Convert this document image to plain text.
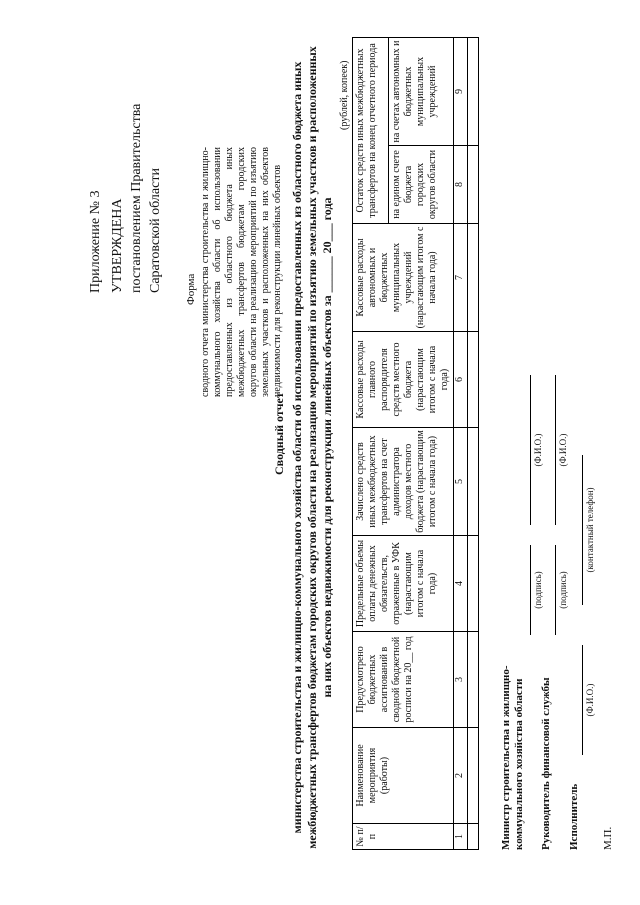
Приложение № 3 УТВЕРЖДЕНА постановлением Правительства Саратовской области Форма сводного отчета министерства строительства и жилищно-коммунального хозяйства области об использовании предоставленных из областного бюджета иных межбюджетных трансфертов бюджетам городских округов области на реализацию мероприятий по изъятию земельных участков и расположенных на них объектов недвижимости для реконструкции линейных объектов
Сводный отчет министерства строительства и жилищно-коммунального хозяйства области об использовании предоставленных из областного бюджета иных межбюджетных трансфертов бюджетам городских округов области на реализацию мероприятий по изъятию земельных участков и расположенных на них объектов недвижимости для реконструкции линейных объектов за ______ 20___ года
(рублей, копеек)
№ п/п	Наименование мероприятия (работы)	Предусмотрено бюджетных ассигнований в сводной бюджетной росписи на 20__ год	Предельные объемы оплаты денежных обязательств, отраженные в УФК (нарастающим итогом с начала года)	Зачислено средств иных межбюджетных трансфертов на счет администратора доходов местного бюджета (нарастающим итогом с начала года)	Кассовые расходы главного распорядителя средств местного бюджета (нарастающим итогом с начала года)	Кассовые расходы автономных и бюджетных муниципальных учреждений (нарастающим итогом с начала года)	Остаток средств иных межбюджетных трансфертов на конец отчетного периода	
							на едином счете бюджета городских округов области	на счетах автономных и бюджетных муниципальных учреждений
1	2	3	4	5	6	7	8	9

Министр строительства и жилищно-коммунального хозяйства области
(подпись)
(Ф.И.О.)
Руководитель финансовой службы
(подпись)
(Ф.И.О.)
Исполнитель
(Ф.И.О.)
(контактный телефон)
М.П.
